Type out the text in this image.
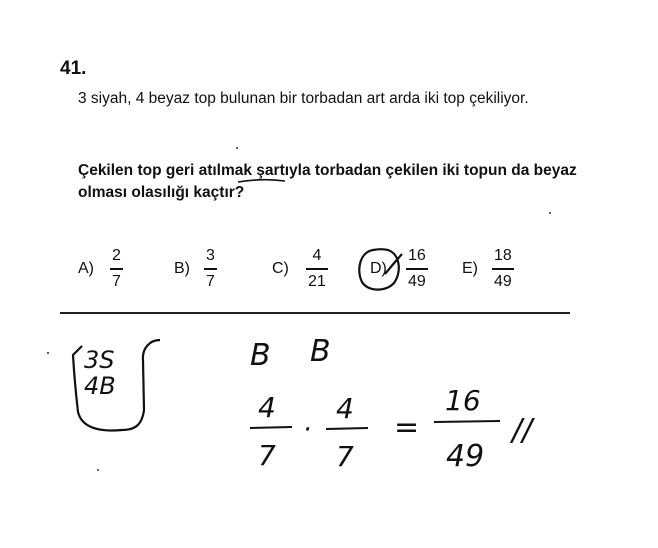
41.
3 siyah, 4 beyaz top bulunan bir torbadan art arda iki top çekiliyor.
Çekilen top geri atılmak şartıyla torbadan çekilen iki topun da beyaz olması olasılığı kaçtır?
A)
2
7
B)
3
7
C)
4
21
D)
16
49
E)
18
49
3S
4B
B B
4
7
·
4
7
=
16
49
//
